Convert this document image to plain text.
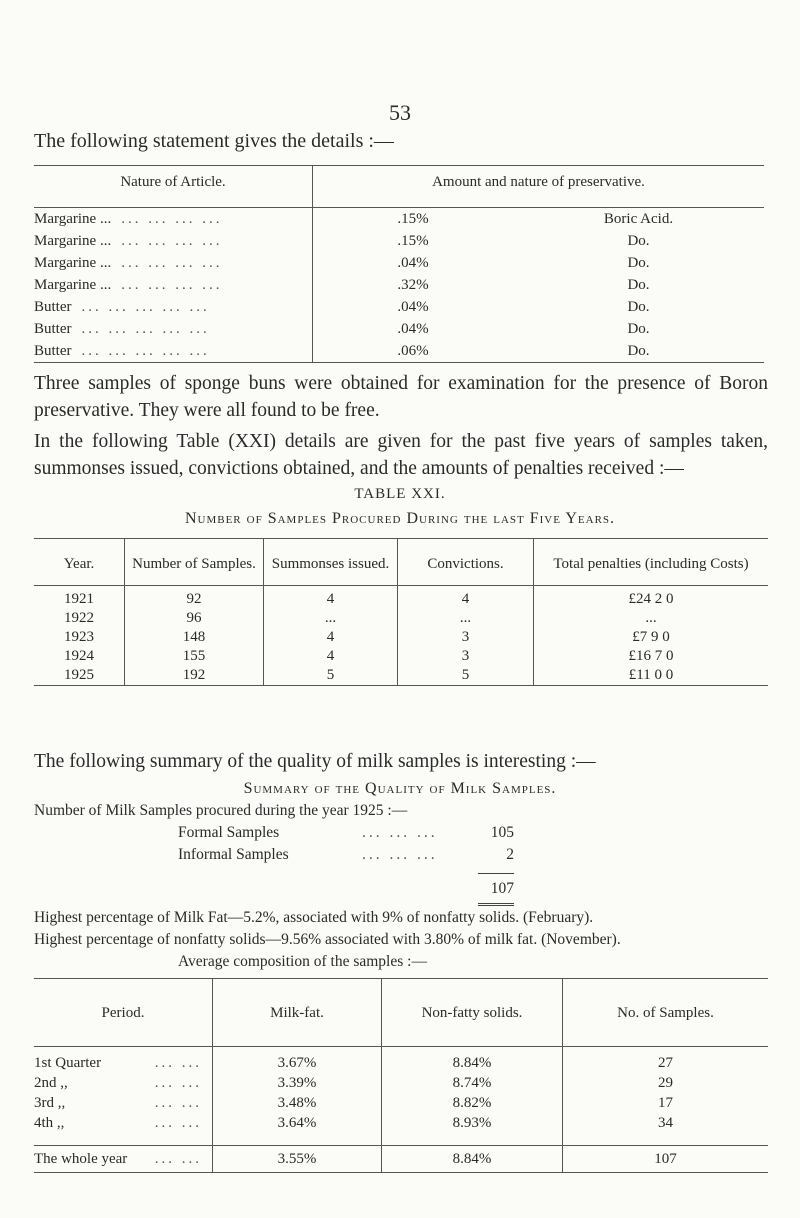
53
The following statement gives the details :—
Nature of Article.	Amount and nature of preservative.	
Margarine ... ... ... ... ...	.15%	Boric Acid.
Margarine ... ... ... ... ...	.15%	Do.
Margarine ... ... ... ... ...	.04%	Do.
Margarine ... ... ... ... ...	.32%	Do.
Butter ... ... ... ... ...	.04%	Do.
Butter ... ... ... ... ...	.04%	Do.
Butter ... ... ... ... ...	.06%	Do.
Three samples of sponge buns were obtained for examination for the presence of Boron preservative. They were all found to be free.
In the following Table (XXI) details are given for the past five years of samples taken, summonses issued, convictions obtained, and the amounts of penalties received :—
TABLE XXI.
Number of Samples Procured During the last Five Years.
Year.	Number of Samples.	Summonses issued.	Convictions.	Total penalties (including Costs)
1921	92	4	4	£24 2 0
1922	96	...	...	...
1923	148	4	3	£7 9 0
1924	155	4	3	£16 7 0
1925	192	5	5	£11 0 0
The following summary of the quality of milk samples is interesting :—
Summary of the Quality of Milk Samples.
Number of Milk Samples procured during the year 1925 :—
Formal Samples	... ... ...	105
Informal Samples	... ... ...	2
107
Highest percentage of Milk Fat—5.2%, associated with 9% of nonfatty solids. (February).
Highest percentage of nonfatty solids—9.56% associated with 3.80% of milk fat. (November).
Average composition of the samples :—
Period.	Milk-fat.	Non-fatty solids.	No. of Samples.
1st Quarter ... ...	3.67%	8.84%	27
2nd ,, ... ...	3.39%	8.74%	29
3rd ,, ... ...	3.48%	8.82%	17
4th ,, ... ...	3.64%	8.93%	34

The whole year ... ...	3.55%	8.84%	107
